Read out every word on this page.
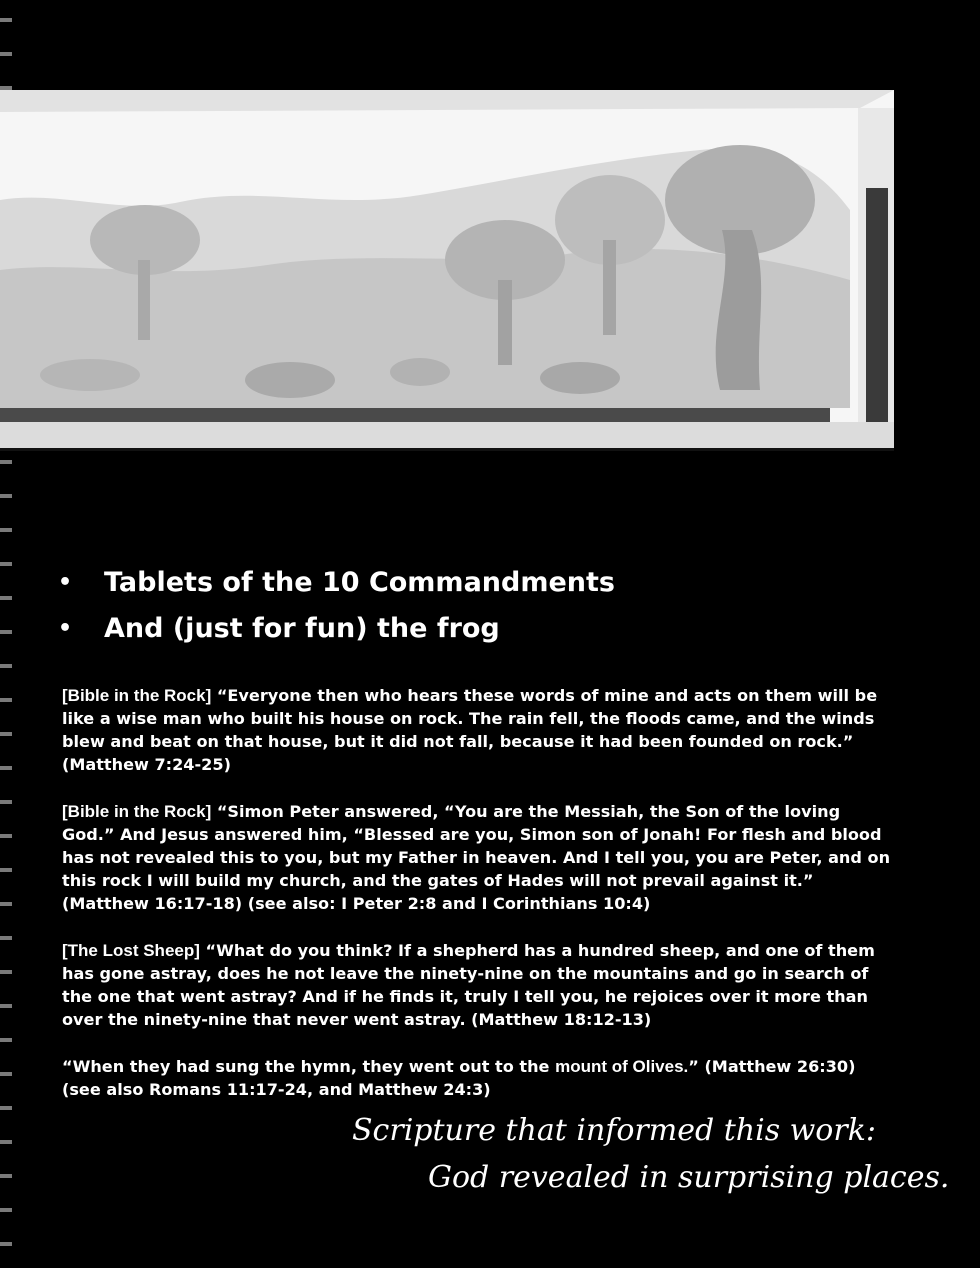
•	Tablets of the 10 Commandments
•	And (just for fun) the frog

[Bible in the Rock] “Everyone then who hears these words of mine and acts on them will be like a wise man who built his house on rock. The rain fell, the floods came, and the winds blew and beat on that house, but it did not fall, because it had been founded on rock.” (Matthew 7:24-25)

[Bible in the Rock] “Simon Peter answered, “You are the Messiah, the Son of the loving God.” And Jesus answered him, “Blessed are you, Simon son of Jonah! For flesh and blood has not revealed this to you, but my Father in heaven. And I tell you, you are Peter, and on this rock I will build my church, and the gates of Hades will not prevail against it.” (Matthew 16:17-18) (see also: I Peter 2:8 and I Corinthians 10:4)

[The Lost Sheep] “What do you think? If a shepherd has a hundred sheep, and one of them has gone astray, does he not leave the ninety-nine on the mountains and go in search of the one that went astray? And if he finds it, truly I tell you, he rejoices over it more than over the ninety-nine that never went astray. (Matthew 18:12-13)

“When they had sung the hymn, they went out to the mount of Olives.” (Matthew 26:30) (see also Romans 11:17-24, and Matthew 24:3)

Scripture that informed this work:
God revealed in surprising places.
